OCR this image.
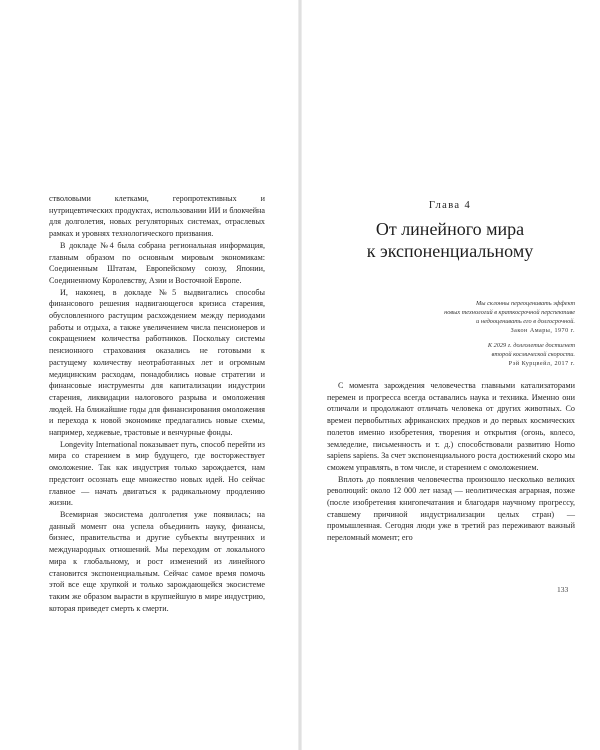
стволовыми клетками, геропротективных и нутрицевтических продуктах, использовании ИИ и блокчейна для долголетия, новых регуляторных системах, отраслевых рамках и уровнях технологического призвания.

В докладе №4 была собрана региональная информация, главным образом по основным мировым экономикам: Соединенным Штатам, Европейскому союзу, Японии, Соединенному Королевству, Азии и Восточной Европе.

И, наконец, в докладе №5 выдвигались способы финансового решения надвигающегося кризиса старения, обусловленного растущим расхождением между периодами работы и отдыха, а также увеличением числа пенсионеров и сокращением количества работников. Поскольку системы пенсионного страхования оказались не готовыми к растущему количеству неотработанных лет и огромным медицинским расходам, понадобились новые стратегии и финансовые инструменты для капитализации индустрии старения, ликвидации налогового разрыва и омоложения людей. На ближайшие годы для финансирования омоложения и перехода к новой экономике предлагались новые схемы, например, хеджевые, трастовые и венчурные фонды.

Longevity International показывает путь, способ перейти из мира со старением в мир будущего, где восторжествует омоложение. Так как индустрия только зарождается, нам предстоит осознать еще множество новых идей. Но сейчас главное — начать двигаться к радикальному продлению жизни.

Всемирная экосистема долголетия уже появилась; на данный момент она успела объединить науку, финансы, бизнес, правительства и другие субъекты внутренних и международных отношений. Мы переходим от локального мира к глобальному, и рост изменений из линейного становится экспоненциальным. Сейчас самое время помочь этой все еще хрупкой и только зарождающейся экосистеме таким же образом вырасти в крупнейшую в мире индустрию, которая приведет смерть к смерти.

Глава 4
От линейного мира
к экспоненциальному
Мы склонны переоценивать эффект
новых технологий в краткосрочной перспективе
и недооценивать его в долгосрочной.
Закон Амары, 1970 г.
К 2029 г. долголетие достигнет
второй космической скорости.
Рэй Курцвейл, 2017 г.

С момента зарождения человечества главными катализаторами перемен и прогресса всегда оставались наука и техника. Именно они отличали и продолжают отличать человека от других животных. Со времен первобытных африканских предков и до первых космических полетов именно изобретения, творения и открытия (огонь, колесо, земледелие, письменность и т. д.) способствовали развитию Homo sapiens sapiens. За счет экспоненциального роста достижений скоро мы сможем управлять, в том числе, и старением с омоложением.

Вплоть до появления человечества произошло несколько великих революций: около 12 000 лет назад — неолитическая аграрная, позже (после изобретения книгопечатания и благодаря научному прогрессу, ставшему причиной индустриализации целых стран) — промышленная. Сегодня люди уже в третий раз переживают важный переломный момент; его

133
